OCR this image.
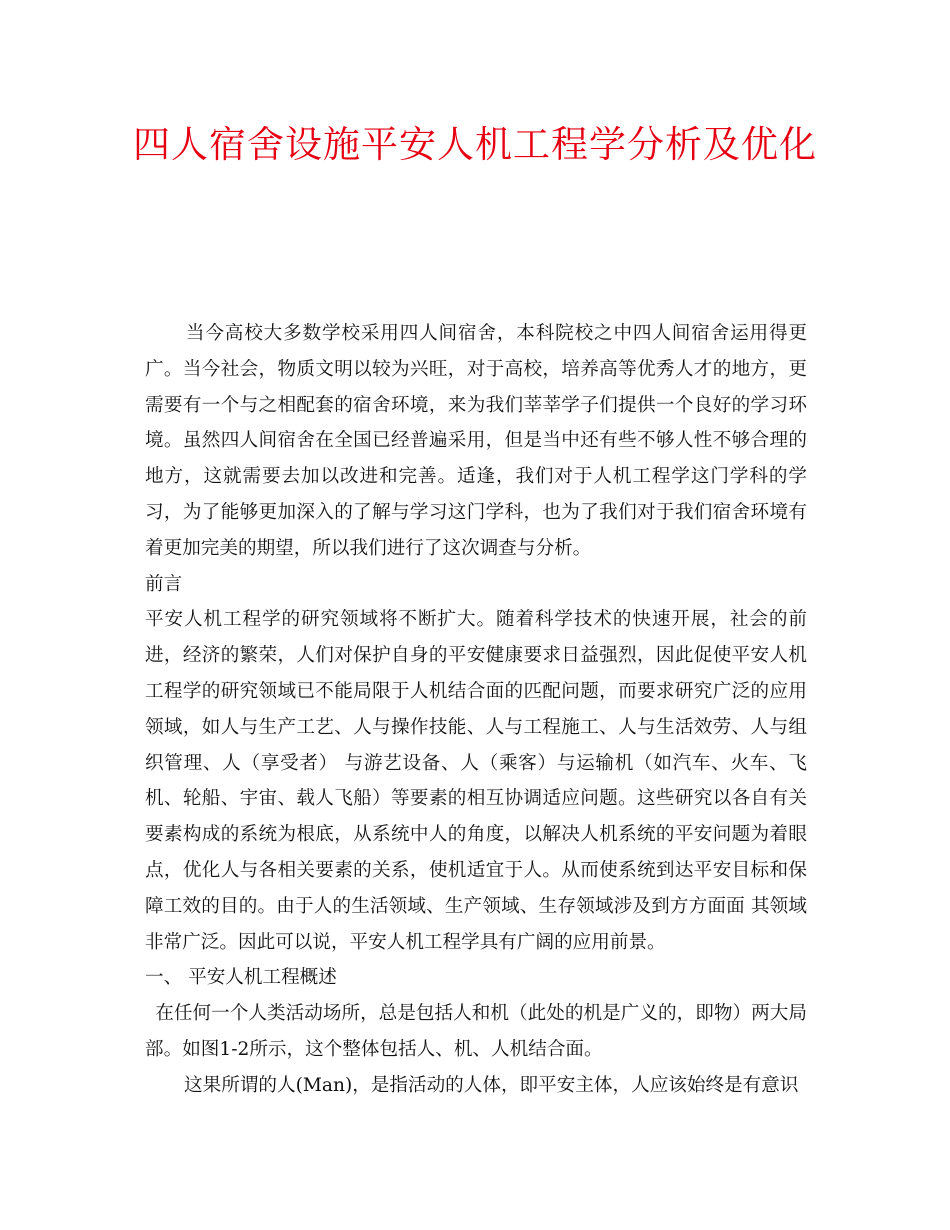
四人宿舍设施平安人机工程学分析及优化

当今高校大多数学校采用四人间宿舍，本科院校之中四人间宿舍运用得更广。当今社会，物质文明以较为兴旺，对于高校，培养高等优秀人才的地方，更需要有一个与之相配套的宿舍环境，来为我们莘莘学子们提供一个良好的学习环境。虽然四人间宿舍在全国已经普遍采用，但是当中还有些不够人性不够合理的地方，这就需要去加以改进和完善。适逢，我们对于人机工程学这门学科的学习，为了能够更加深入的了解与学习这门学科，也为了我们对于我们宿舍环境有着更加完美的期望，所以我们进行了这次调查与分析。

前言

平安人机工程学的研究领域将不断扩大。随着科学技术的快速开展，社会的前进，经济的繁荣，人们对保护自身的平安健康要求日益强烈，因此促使平安人机工程学的研究领域已不能局限于人机结合面的匹配问题，而要求研究广泛的应用领域，如人与生产工艺、人与操作技能、人与工程施工、人与生活效劳、人与组织管理、人（享受者） 与游艺设备、人（乘客）与运输机（如汽车、火车、飞机、轮船、宇宙、载人飞船）等要素的相互协调适应问题。这些研究以各自有关要素构成的系统为根底，从系统中人的角度，以解决人机系统的平安问题为着眼点，优化人与各相关要素的关系，使机适宜于人。从而使系统到达平安目标和保障工效的目的。由于人的生活领域、生产领域、生存领域涉及到方方面面 其领域非常广泛。因此可以说，平安人机工程学具有广阔的应用前景。

一、 平安人机工程概述

在任何一个人类活动场所，总是包括人和机（此处的机是广义的，即物）两大局部。如图1-2所示，这个整体包括人、机、人机结合面。

这果所谓的人(Man)，是指活动的人体，即平安主体，人应该始终是有意识
